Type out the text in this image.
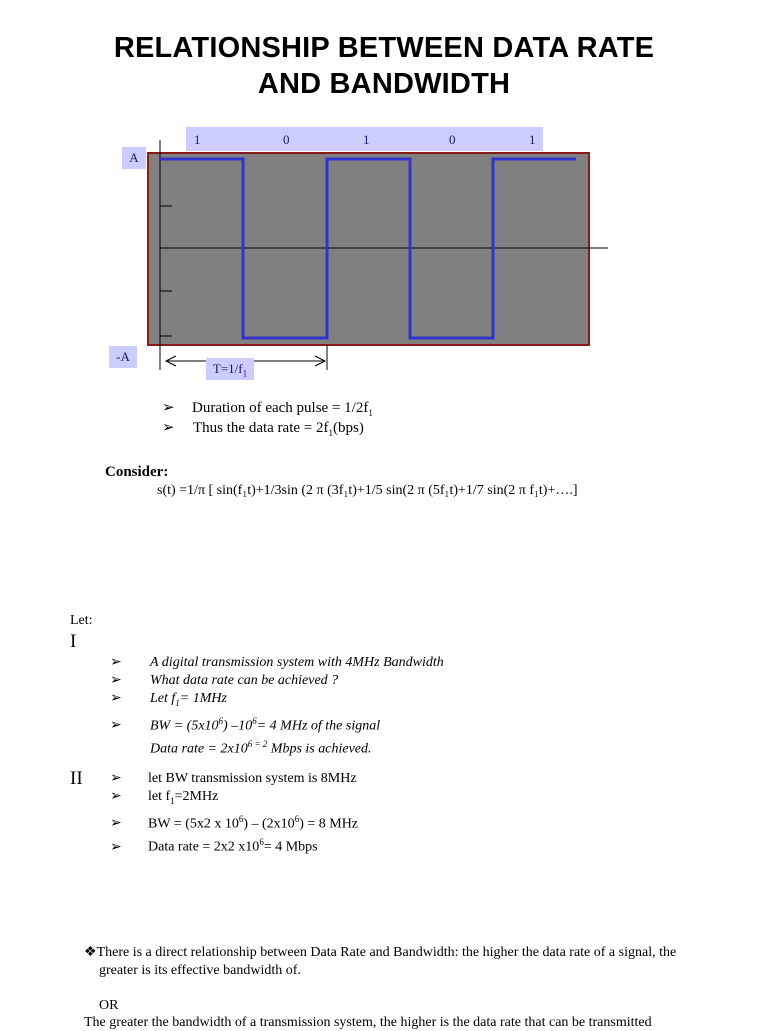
RELATIONSHIP BETWEEN DATA RATE
AND BANDWIDTH
1	0	1	0	1
A
-A
$T=1/f_1$
➢ Duration of each pulse = $1/2f_1$
➢ Thus the data rate = $2f_1(bps)$
Consider:
s(t) =1/π [ sin(f₁t)+1/3sin (2 π (3f₁t)+1/5 sin(2 π (5f₁t)+1/7 sin(2 π f₁t)+….]
Let:
I
➢ A digital transmission system with 4MHz Bandwidth
➢ What data rate can be achieved ?
➢ Let $f_1= 1MHz$
➢ BW = $(5x10^6)$ $-10^6= 4$ MHz of the signal
Data rate = $2x10^{6 = 2}$ Mbps is achieved.
II ➢ let BW transmission system is 8MHz
➢ let $f_1=2MHz$
➢ BW = (5x2 x $10^6) - (2x10^6) = 8$ MHz
➢ Data rate = 2x2 $x10^6= 4$ Mbps
❖There is a direct relationship between Data Rate and Bandwidth: the higher the data rate of a signal, the
greater is its effective bandwidth of.
OR
The greater the bandwidth of a transmission system, the higher is the data rate that can be transmitted
